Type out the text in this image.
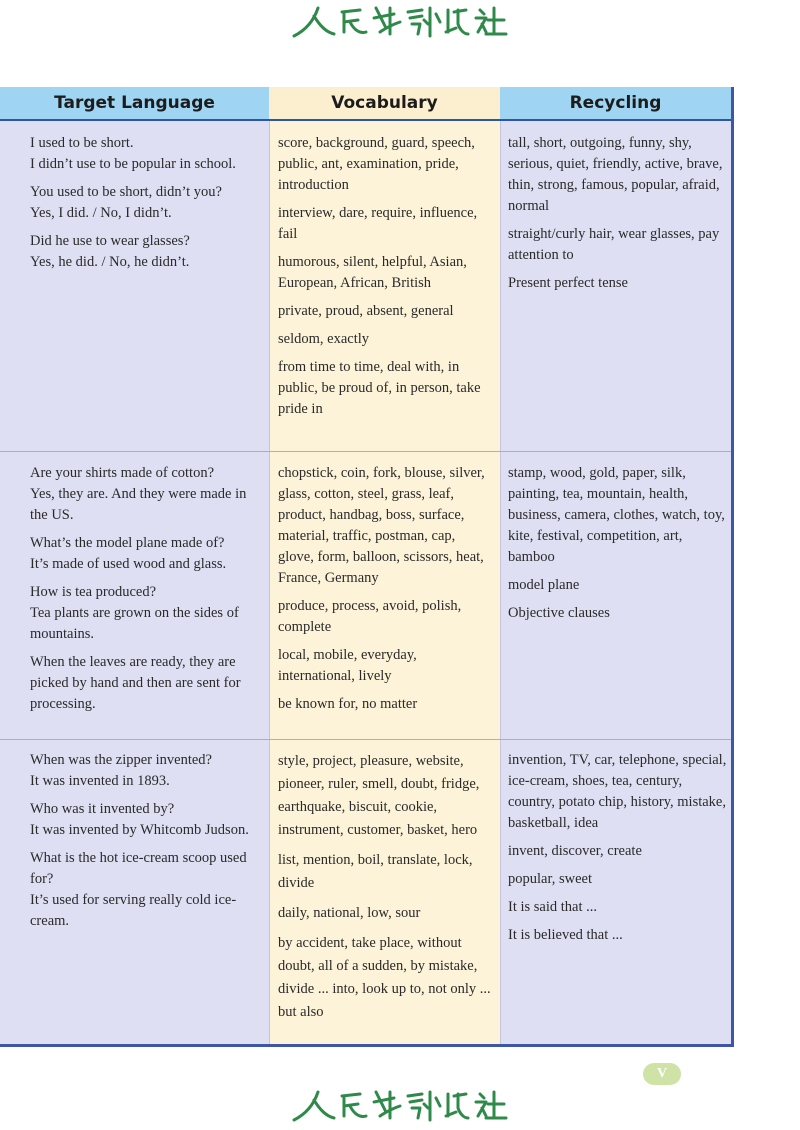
Target Language	Vocabulary	Recycling

I used to be short.
I didn’t use to be popular in school.

You used to be short, didn’t you?
Yes, I did. / No, I didn’t.

Did he use to wear glasses?
Yes, he did. / No, he didn’t.

score, background, guard, speech, public, ant, examination, pride, introduction

interview, dare, require, influence, fail

humorous, silent, helpful, Asian, European, African, British

private, proud, absent, general

seldom, exactly

from time to time, deal with, in public, be proud of, in person, take pride in

tall, short, outgoing, funny, shy, serious, quiet, friendly, active, brave, thin, strong, famous, popular, afraid, normal

straight/curly hair, wear glasses, pay attention to

Present perfect tense

Are your shirts made of cotton?
Yes, they are. And they were made in the US.

What’s the model plane made of?
It’s made of used wood and glass.

How is tea produced?
Tea plants are grown on the sides of mountains.

When the leaves are ready, they are picked by hand and then are sent for processing.

chopstick, coin, fork, blouse, silver, glass, cotton, steel, grass, leaf, product, handbag, boss, surface, material, traffic, postman, cap, glove, form, balloon, scissors, heat, France, Germany

produce, process, avoid, polish, complete

local, mobile, everyday, international, lively

be known for, no matter

stamp, wood, gold, paper, silk, painting, tea, mountain, health, business, camera, clothes, watch, toy, kite, festival, competition, art, bamboo

model plane

Objective clauses

When was the zipper invented?
It was invented in 1893.

Who was it invented by?
It was invented by Whitcomb Judson.

What is the hot ice-cream scoop used for?
It’s used for serving really cold ice-cream.

style, project, pleasure, website, pioneer, ruler, smell, doubt, fridge, earthquake, biscuit, cookie, instrument, customer, basket, hero

list, mention, boil, translate, lock, divide

daily, national, low, sour

by accident, take place, without doubt, all of a sudden, by mistake, divide ... into, look up to, not only ... but also

invention, TV, car, telephone, special, ice-cream, shoes, tea, century, country, potato chip, history, mistake, basketball, idea

invent, discover, create

popular, sweet

It is said that ...

It is believed that ...

V
